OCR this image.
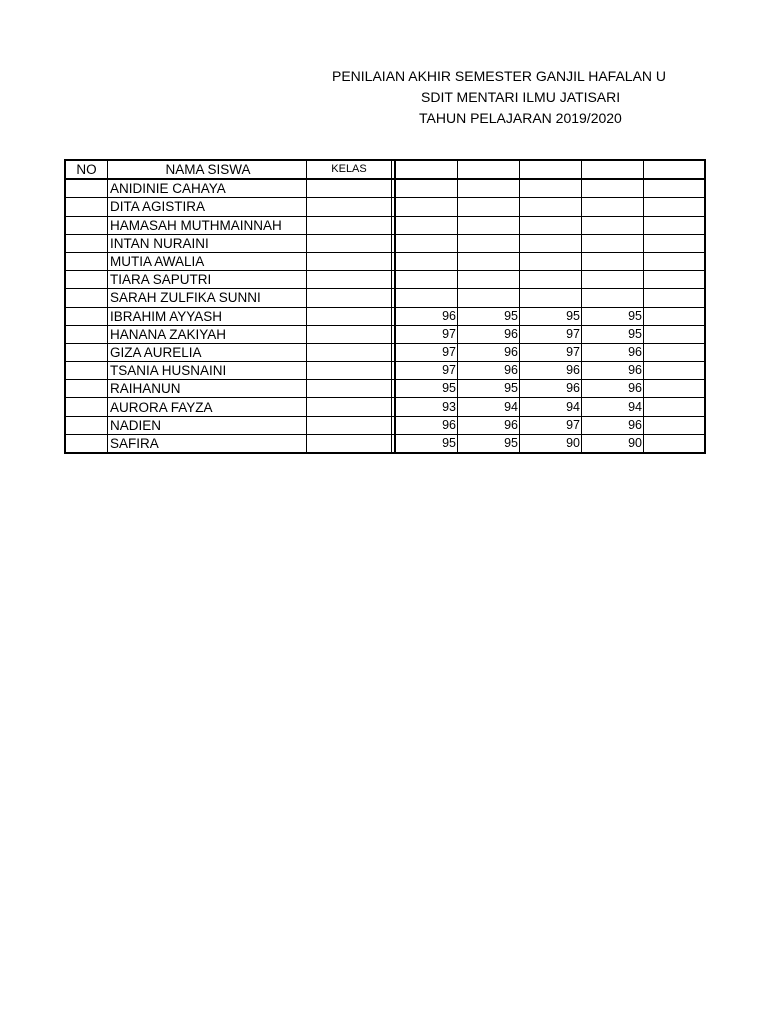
PENILAIAN AKHIR SEMESTER GANJIL HAFALAN U
SDIT MENTARI ILMU JATISARI
TAHUN PELAJARAN 2019/2020
NO	NAMA SISWA	KELAS						
	ANIDINIE CAHAYA							
	DITA AGISTIRA							
	HAMASAH MUTHMAINNAH							
	INTAN NURAINI							
	MUTIA AWALIA							
	TIARA SAPUTRI							
	SARAH ZULFIKA SUNNI							
	IBRAHIM AYYASH			96	95	95	95	
	HANANA ZAKIYAH			97	96	97	95	
	GIZA AURELIA			97	96	97	96	
	TSANIA HUSNAINI			97	96	96	96	
	RAIHANUN			95	95	96	96	
	AURORA FAYZA			93	94	94	94	
	NADIEN			96	96	97	96	
	SAFIRA			95	95	90	90	
